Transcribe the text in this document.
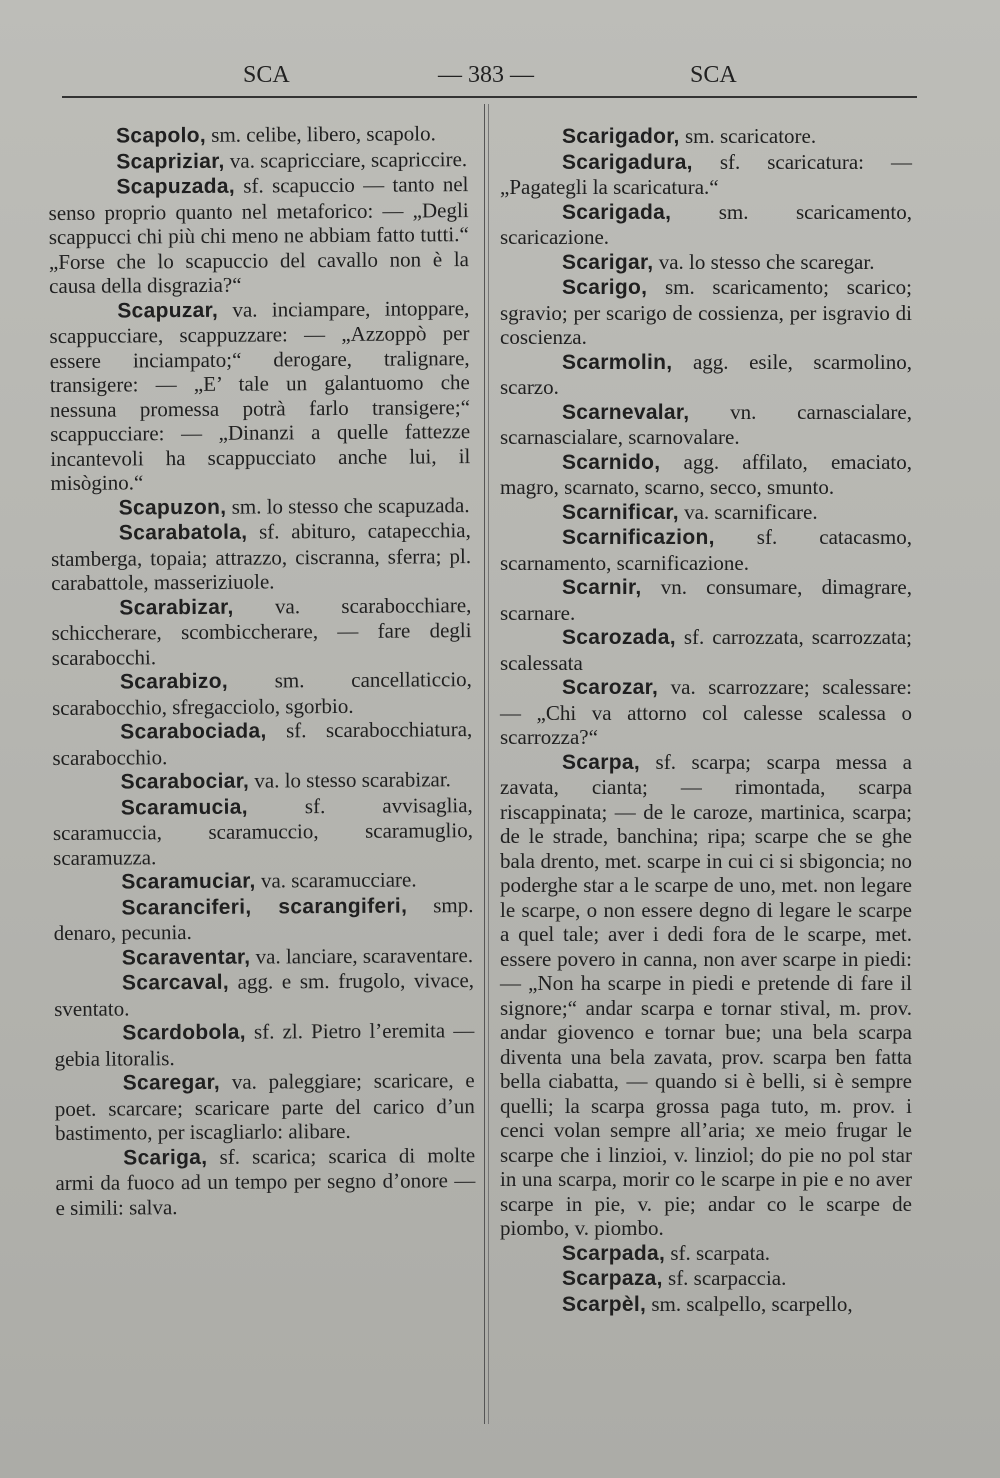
SCA	— 383 —	SCA

Scapolo, sm. celibe, libero, scapolo.

Scapriziar, va. scapricciare, scapriccire.

Scapuzada, sf. scapuccio — tanto nel senso proprio quanto nel metaforico: — „Degli scappucci chi più chi meno ne abbiam fatto tutti.“ „Forse che lo scapuccio del cavallo non è la causa della disgrazia?“

Scapuzar, va. inciampare, intoppare, scappucciare, scappuzzare: — „Azzoppò per essere inciampato;“ derogare, tralignare, transigere: — „E’ tale un galantuomo che nessuna promessa potrà farlo transigere;“ scappucciare: — „Dinanzi a quelle fattezze incantevoli ha scappucciato anche lui, il misògino.“

Scapuzon, sm. lo stesso che scapuzada.

Scarabatola, sf. abituro, catapecchia, stamberga, topaia; attrazzo, ciscranna, sferra; pl. carabattole, masseriziuole.

Scarabizar, va. scarabocchiare, schiccherare, scombiccherare, — fare degli scarabocchi.

Scarabizo, sm. cancellaticcio, scarabocchio, sfregacciolo, sgorbio.

Scarabociada, sf. scarabocchiatura, scarabocchio.

Scarabociar, va. lo stesso scarabizar.

Scaramucia, sf. avvisaglia, scaramuccia, scaramuccio, scaramuglio, scaramuzza.

Scaramuciar, va. scaramucciare.

Scaranciferi, scarangiferi, smp. denaro, pecunia.

Scaraventar, va. lanciare, scaraventare.

Scarcaval, agg. e sm. frugolo, vivace, sventato.

Scardobola, sf. zl. Pietro l’eremita — gebia litoralis.

Scaregar, va. paleggiare; scaricare, e poet. scarcare; scaricare parte del carico d’un bastimento, per iscagliarlo: alibare.

Scariga, sf. scarica; scarica di molte armi da fuoco ad un tempo per segno d’onore — e simili: salva.

Scarigador, sm. scaricatore.

Scarigadura, sf. scaricatura: — „Pagategli la scaricatura.“

Scarigada, sm. scaricamento, scaricazione.

Scarigar, va. lo stesso che scaregar.

Scarigo, sm. scaricamento; scarico; sgravio; per scarigo de cossienza, per isgravio di coscienza.

Scarmolin, agg. esile, scarmolino, scarzo.

Scarnevalar, vn. carnascialare, scarnascialare, scarnovalare.

Scarnido, agg. affilato, emaciato, magro, scarnato, scarno, secco, smunto.

Scarnificar, va. scarnificare.

Scarnificazion, sf. catacasmo, scarnamento, scarnificazione.

Scarnir, vn. consumare, dimagrare, scarnare.

Scarozada, sf. carrozzata, scarrozzata; scalessata

Scarozar, va. scarrozzare; scalessare: — „Chi va attorno col calesse scalessa o scarrozza?“

Scarpa, sf. scarpa; scarpa messa a zavata, cianta; — rimontada, scarpa riscappinata; — de le caroze, martinica, scarpa; de le strade, banchina; ripa; scarpe che se ghe bala drento, met. scarpe in cui ci si sbigoncia; no poderghe star a le scarpe de uno, met. non legare le scarpe, o non essere degno di legare le scarpe a quel tale; aver i dedi fora de le scarpe, met. essere povero in canna, non aver scarpe in piedi: — „Non ha scarpe in piedi e pretende di fare il signore;“ andar scarpa e tornar stival, m. prov. andar giovenco e tornar bue; una bela scarpa diventa una bela zavata, prov. scarpa ben fatta bella ciabatta, — quando si è belli, si è sempre quelli; la scarpa grossa paga tuto, m. prov. i cenci volan sempre all’aria; xe meio frugar le scarpe che i linzioi, v. linziol; do pie no pol star in una scarpa, morir co le scarpe in pie e no aver scarpe in pie, v. pie; andar co le scarpe de piombo, v. piombo.

Scarpada, sf. scarpata.

Scarpaza, sf. scarpaccia.

Scarpèl, sm. scalpello, scarpello,
